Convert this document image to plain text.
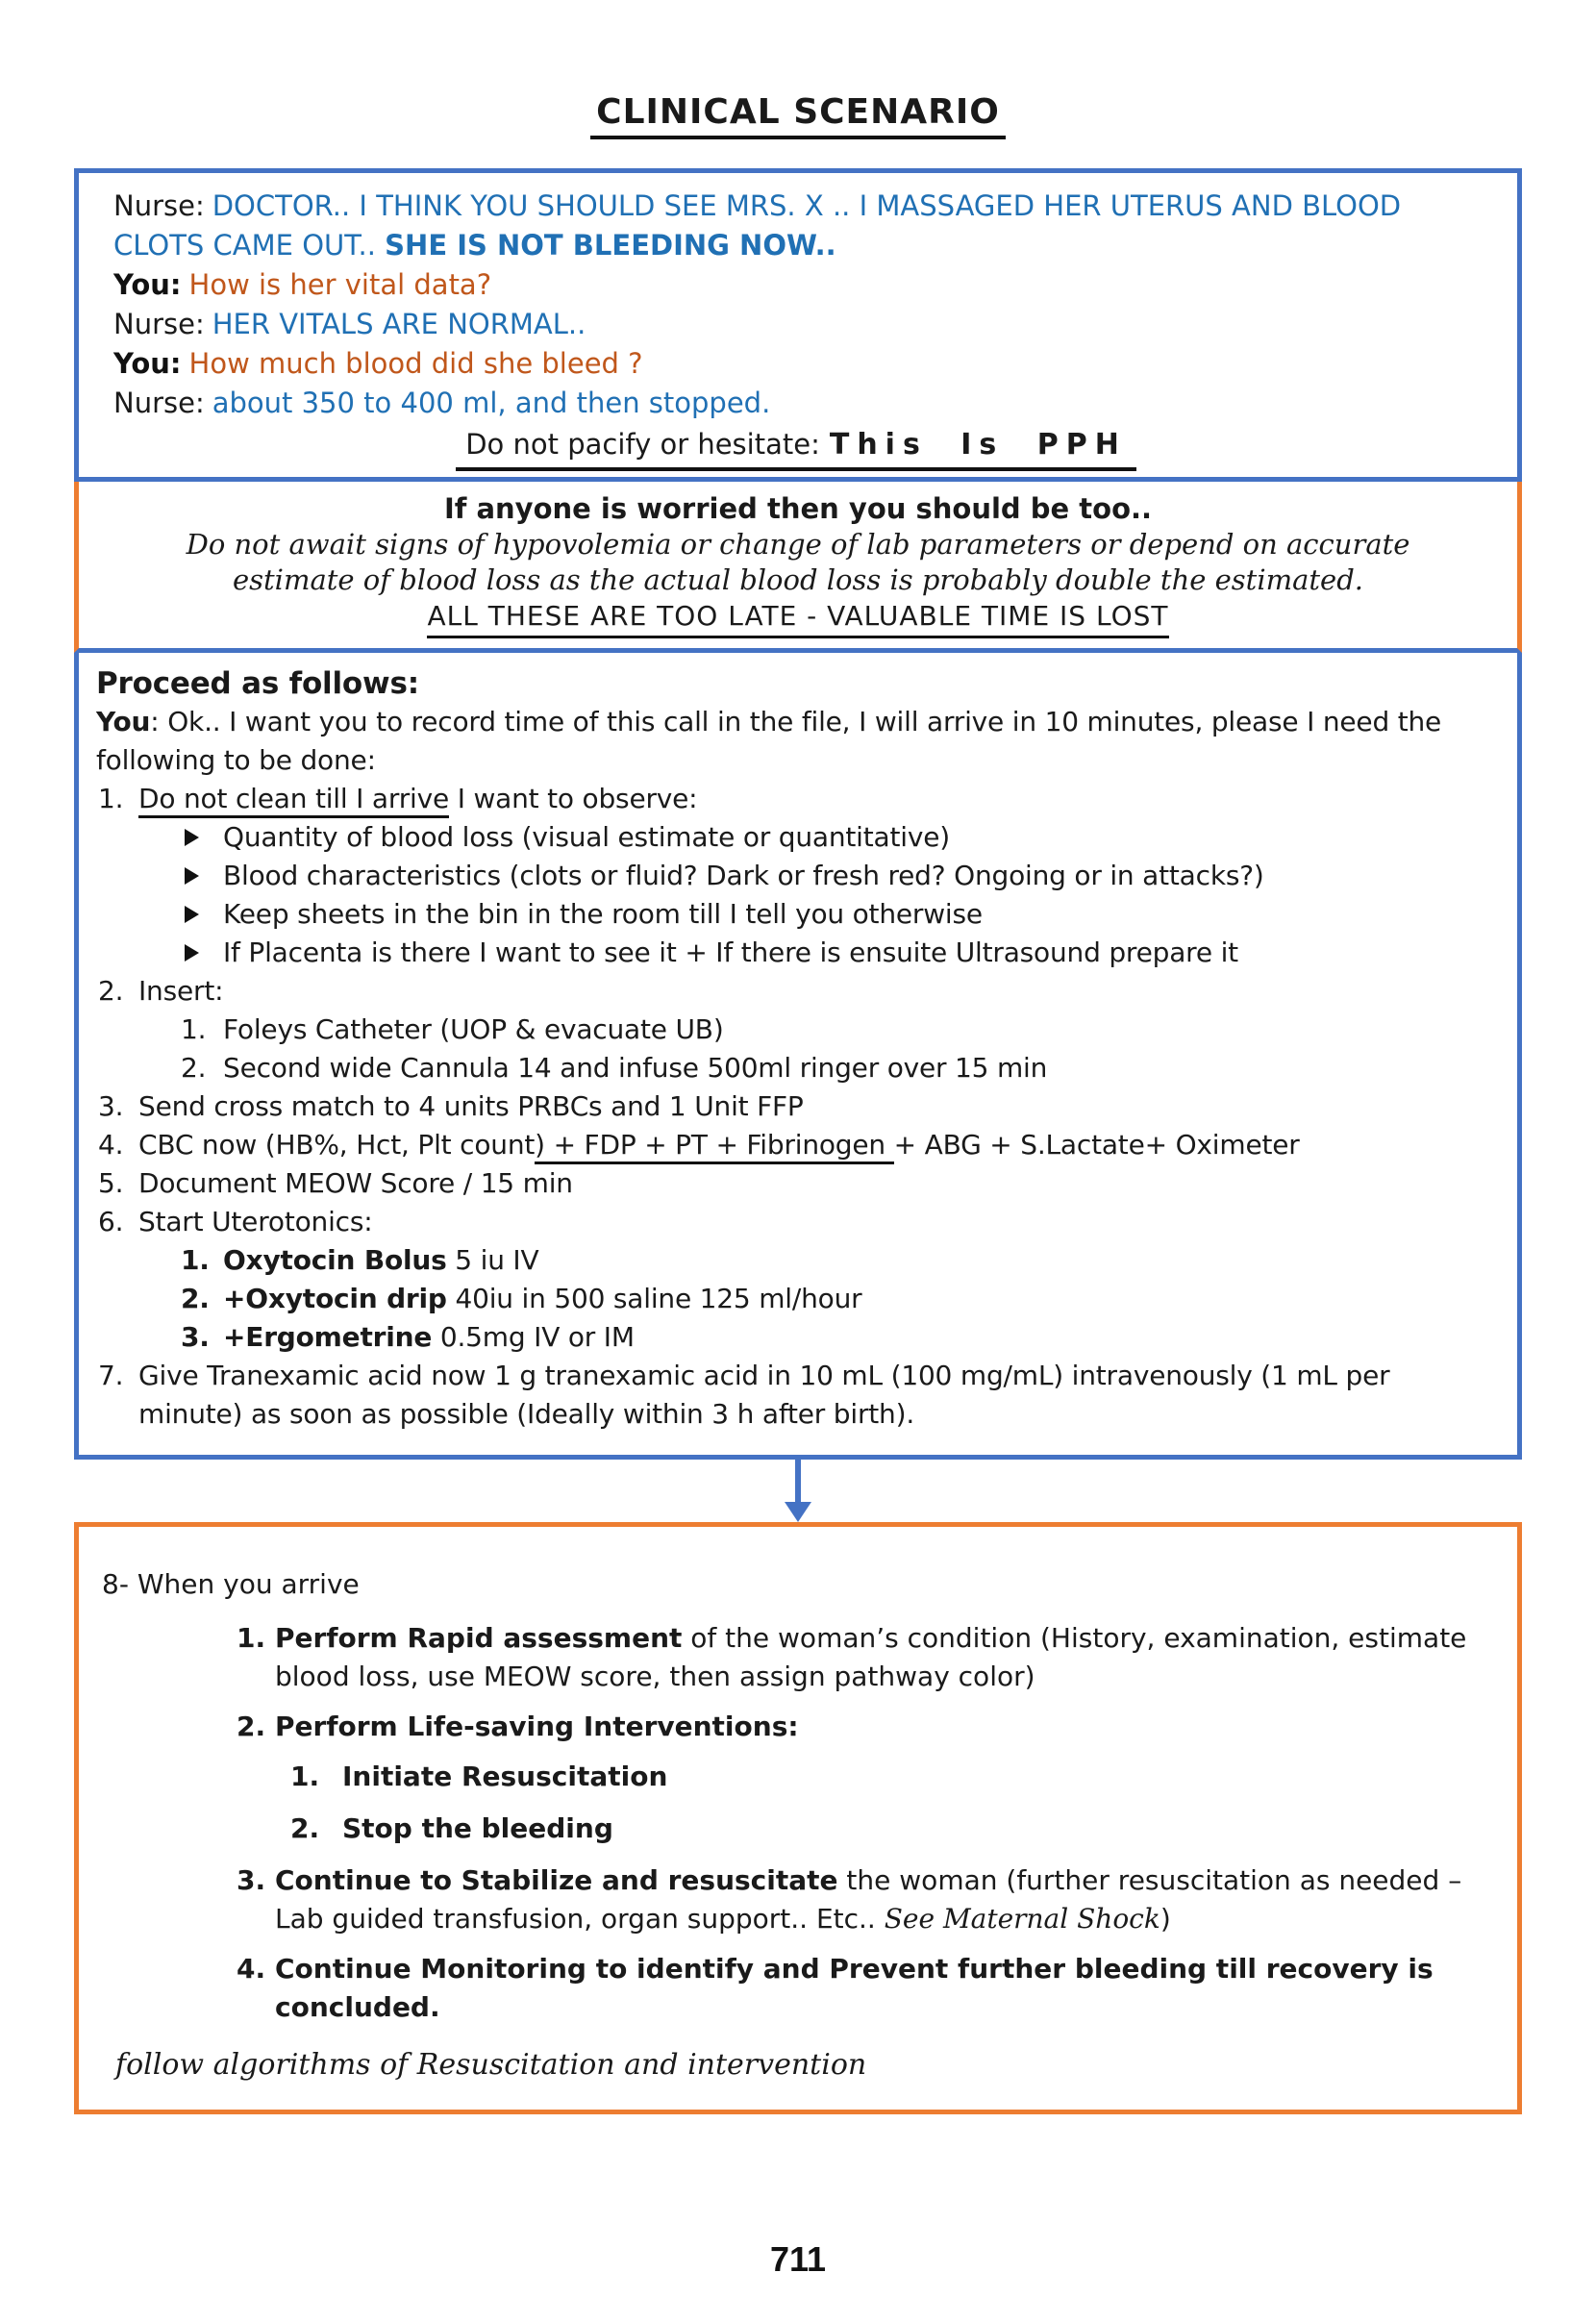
CLINICAL SCENARIO

Nurse: DOCTOR.. I THINK YOU SHOULD SEE MRS. X .. I MASSAGED HER UTERUS AND BLOOD CLOTS CAME OUT.. SHE IS NOT BLEEDING NOW..

You: How is her vital data?

Nurse: HER VITALS ARE NORMAL..

You: How much blood did she bleed ?

Nurse: about 350 to 400 ml, and then stopped.

Do not pacify or hesitate: This Is PPH

If anyone is worried then you should be too..

Do not await signs of hypovolemia or change of lab parameters or depend on accurate estimate of blood loss as the actual blood loss is probably double the estimated.

ALL THESE ARE TOO LATE - VALUABLE TIME IS LOST

Proceed as follows:

You: Ok.. I want you to record time of this call in the file, I will arrive in 10 minutes, please I need the following to be done:

1. Do not clean till I arrive I want to observe:
Quantity of blood loss (visual estimate or quantitative)
Blood characteristics (clots or fluid? Dark or fresh red? Ongoing or in attacks?)
Keep sheets in the bin in the room till I tell you otherwise
If Placenta is there I want to see it + If there is ensuite Ultrasound prepare it
2. Insert:
1. Foleys Catheter (UOP & evacuate UB)
2. Second wide Cannula 14 and infuse 500ml ringer over 15 min
3. Send cross match to 4 units PRBCs and 1 Unit FFP
4. CBC now (HB%, Hct, Plt count) + FDP + PT + Fibrinogen + ABG + S.Lactate+ Oximeter
5. Document MEOW Score / 15 min
6. Start Uterotonics:
1. Oxytocin Bolus 5 iu IV
2. +Oxytocin drip 40iu in 500 saline 125 ml/hour
3. +Ergometrine 0.5mg IV or IM
7. Give Tranexamic acid now 1 g tranexamic acid in 10 mL (100 mg/mL) intravenously (1 mL per minute) as soon as possible (Ideally within 3 h after birth).

8- When you arrive

1. Perform Rapid assessment of the woman’s condition (History, examination, estimate blood loss, use MEOW score, then assign pathway color)
2. Perform Life-saving Interventions:
1. Initiate Resuscitation
2. Stop the bleeding
3. Continue to Stabilize and resuscitate the woman (further resuscitation as needed – Lab guided transfusion, organ support.. Etc.. See Maternal Shock)
4. Continue Monitoring to identify and Prevent further bleeding till recovery is concluded.

follow algorithms of Resuscitation and intervention

711
